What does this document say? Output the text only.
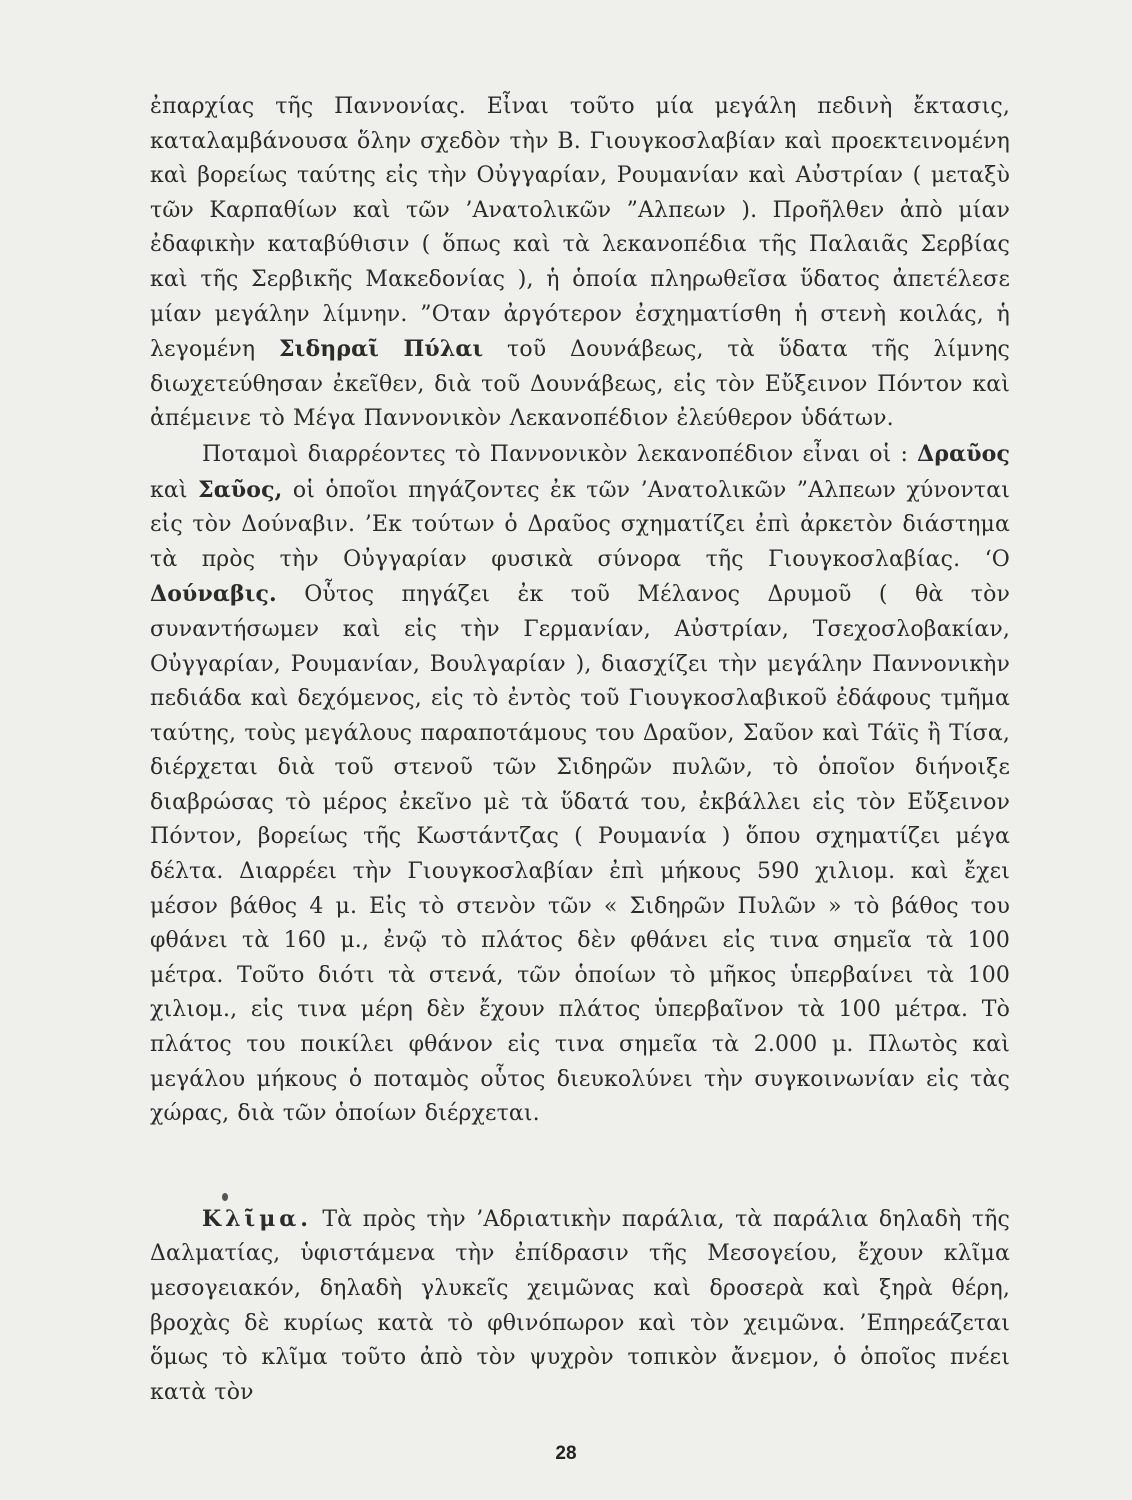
ἐπαρχίας τῆς Παννονίας. Εἶναι τοῦτο μία μεγάλη πεδινὴ ἔκτασις, καταλαμβάνουσα ὅλην σχεδὸν τὴν Β. Γιουγκοσλαβίαν καὶ προεκτεινομένη καὶ βορείως ταύτης εἰς τὴν Οὐγγαρίαν, Ρουμανίαν καὶ Αὐστρίαν ( μεταξὺ τῶν Καρπαθίων καὶ τῶν ’Ανατολικῶν ”Αλπεων ). Προῆλθεν ἀπὸ μίαν ἐδαφικὴν καταβύθισιν ( ὅπως καὶ τὰ λεκανοπέδια τῆς Παλαιᾶς Σερβίας καὶ τῆς Σερβικῆς Μακεδονίας ), ἡ ὁποία πληρωθεῖσα ὕδατος ἀπετέλεσε μίαν μεγάλην λίμνην. ”Οταν ἀργότερον ἐσχηματίσθη ἡ στενὴ κοιλάς, ἡ λεγομένη Σιδηραῖ Πύλαι τοῦ Δουνάβεως, τὰ ὕδατα τῆς λίμνης διωχετεύθησαν ἐκεῖθεν, διὰ τοῦ Δουνάβεως, εἰς τὸν Εὔξεινον Πόντον καὶ ἀπέμεινε τὸ Μέγα Παννονικὸν Λεκανοπέδιον ἐλεύθερον ὑδάτων.

Ποταμοὶ διαρρέοντες τὸ Παννονικὸν λεκανοπέδιον εἶναι οἱ : Δραῦος καὶ Σαῦος, οἱ ὁποῖοι πηγάζοντες ἐκ τῶν ’Ανατολικῶν ”Αλπεων χύνονται εἰς τὸν Δούναβιν. ’Εκ τούτων ὁ Δραῦος σχηματίζει ἐπὶ ἀρκετὸν διάστημα τὰ πρὸς τὴν Οὐγγαρίαν φυσικὰ σύνορα τῆς Γιουγκοσλαβίας. ‘Ο Δούναβις. Οὗτος πηγάζει ἐκ τοῦ Μέλανος Δρυμοῦ ( θὰ τὸν συναντήσωμεν καὶ εἰς τὴν Γερμανίαν, Αὐστρίαν, Τσεχοσλοβακίαν, Οὐγγαρίαν, Ρουμανίαν, Βουλγαρίαν ), διασχίζει τὴν μεγάλην Παννονικὴν πεδιάδα καὶ δεχόμενος, εἰς τὸ ἐντὸς τοῦ Γιουγκοσλαβικοῦ ἐδάφους τμῆμα ταύτης, τοὺς μεγάλους παραποτάμους του Δραῦον, Σαῦον καὶ Τάϊς ἢ Τίσα, διέρχεται διὰ τοῦ στενοῦ τῶν Σιδηρῶν πυλῶν, τὸ ὁποῖον διήνοιξε διαβρώσας τὸ μέρος ἐκεῖνο μὲ τὰ ὕδατά του, ἐκβάλλει εἰς τὸν Εὔξεινον Πόντον, βορείως τῆς Κωστάντζας ( Ρουμανία ) ὅπου σχηματίζει μέγα δέλτα. Διαρρέει τὴν Γιουγκοσλαβίαν ἐπὶ μήκους 590 χιλιομ. καὶ ἔχει μέσον βάθος 4 μ. Εἰς τὸ στενὸν τῶν « Σιδηρῶν Πυλῶν » τὸ βάθος του φθάνει τὰ 160 μ., ἐνῷ τὸ πλάτος δὲν φθάνει εἰς τινα σημεῖα τὰ 100 μέτρα. Τοῦτο διότι τὰ στενά, τῶν ὁποίων τὸ μῆκος ὑπερβαίνει τὰ 100 χιλιομ., εἰς τινα μέρη δὲν ἔχουν πλάτος ὑπερβαῖνον τὰ 100 μέτρα. Τὸ πλάτος του ποικίλει φθάνον εἰς τινα σημεῖα τὰ 2.000 μ. Πλωτὸς καὶ μεγάλου μήκους ὁ ποταμὸς οὗτος διευκολύνει τὴν συγκοινωνίαν εἰς τὰς χώρας, διὰ τῶν ὁποίων διέρχεται.

Κλῖμα. Τὰ πρὸς τὴν ’Αδριατικὴν παράλια, τὰ παράλια δηλαδὴ τῆς Δαλματίας, ὑφιστάμενα τὴν ἐπίδρασιν τῆς Μεσογείου, ἔχουν κλῖμα μεσογειακόν, δηλαδὴ γλυκεῖς χειμῶνας καὶ δροσερὰ καὶ ξηρὰ θέρη, βροχὰς δὲ κυρίως κατὰ τὸ φθινόπωρον καὶ τὸν χειμῶνα. ’Επηρεάζεται ὅμως τὸ κλῖμα τοῦτο ἀπὸ τὸν ψυχρὸν τοπικὸν ἄνεμον, ὁ ὁποῖος πνέει κατὰ τὸν

28
